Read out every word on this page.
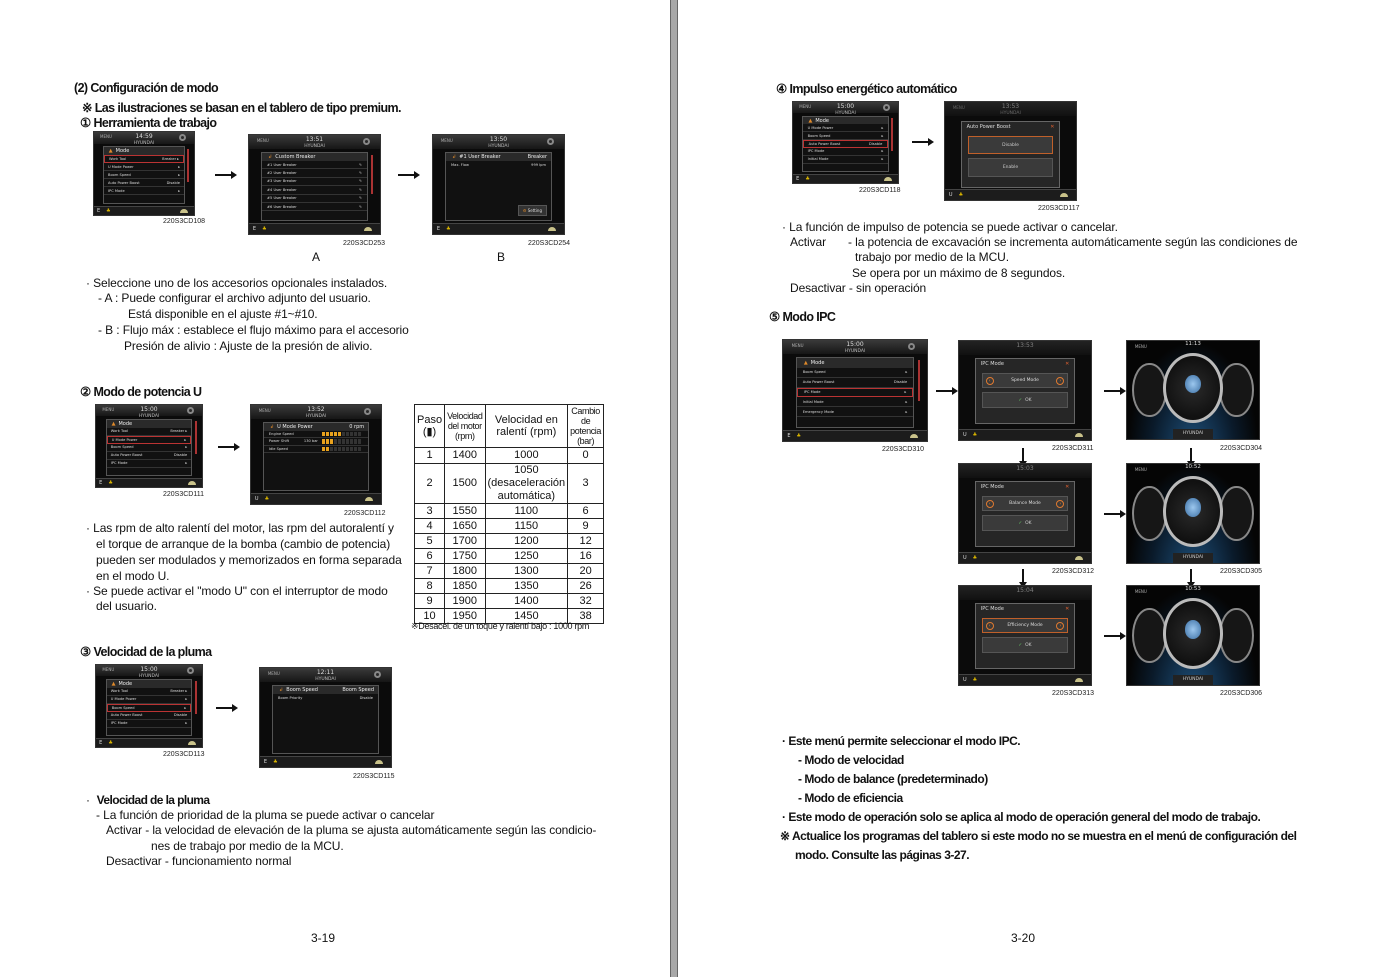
(2) Configuración de modo
※ Las ilustraciones se basan en el tablero de tipo premium.
① Herramienta de trabajo
MENU	14:59
HYUNDAI
▲ Mode
Work Tool	Breaker ▸
U Mode Power	▸
Boom Speed	▸
Auto Power Boost	Disable
IPC Mode	▸
E ♣
220S3CD108
MENU	13:51
HYUNDAI
↲ Custom Breaker
#1 User Breaker	✎
#2 User Breaker	✎
#3 User Breaker	✎
#4 User Breaker	✎
#5 User Breaker	✎
#6 User Breaker	✎
E ♣
220S3CD253
A
MENU	13:50
HYUNDAI
↲ #1 User Breaker	Breaker
Max. Flow	999 lpm
⚙ Setting
E ♣
220S3CD254
B
· Seleccione uno de los accesorios opcionales instalados.
- A : Puede configurar el archivo adjunto del usuario.
Está disponible en el ajuste #1~#10.
- B : Flujo máx : establece el flujo máximo para el accesorio
Presión de alivio : Ajuste de la presión de alivio.
② Modo de potencia U
MENU	15:00
HYUNDAI
▲ Mode
Work Tool	Breaker ▸
U Mode Power	▸
Boom Speed	▸
Auto Power Boost	Disable
IPC Mode	▸
E ♣
220S3CD111
MENU	13:52
HYUNDAI
↲ U Mode Power	0 rpm
Engine Speed
Power Shift	130 bar
Idle Speed
U ♣
220S3CD112
Paso (▮)	Velocidad del motor (rpm)	Velocidad en ralentí (rpm)	Cambio de potencia (bar)
1	1400	1000	0
2	1500	1050 (desaceleración automática)	3
3	1550	1100	6
4	1650	1150	9
5	1700	1200	12
6	1750	1250	16
7	1800	1300	20
8	1850	1350	26
9	1900	1400	32
10	1950	1450	38
※Desacel. de un toque y ralentí bajo : 1000 rpm
· Las rpm de alto ralentí del motor, las rpm del autoralentí y
el torque de arranque de la bomba (cambio de potencia)
pueden ser modulados y memorizados en forma separada
en el modo U.
· Se puede activar el "modo U" con el interruptor de modo
del usuario.
③ Velocidad de la pluma
MENU	15:00
HYUNDAI
▲ Mode
Work Tool	Breaker ▸
U Mode Power	▸
Boom Speed	▸
Auto Power Boost	Disable
IPC Mode	▸
E ♣
220S3CD113
MENU	12:11
HYUNDAI
↲ Boom Speed	Boom Speed
Boom Priority	Disable
E ♣
220S3CD115
·  Velocidad de la pluma
- La función de prioridad de la pluma se puede activar o cancelar
Activar - la velocidad de elevación de la pluma se ajusta automáticamente según las condicio-
nes de trabajo por medio de la MCU.
Desactivar - funcionamiento normal
3-19
④ Impulso energético automático
MENU	15:00
HYUNDAI
▲ Mode
U Mode Power	▸
Boom Speed	▸
Auto Power Boost	Disable
IPC Mode	▸
Initial Mode	▸
E ♣
220S3CD118
MENU	13:53
HYUNDAI
Auto Power Boost	✕
Disable
Enable
U ♣
220S3CD117
· La función de impulso de potencia se puede activar o cancelar.
Activar - la potencia de excavación se incrementa automáticamente según las condiciones de
trabajo por medio de la MCU.
Se opera por un máximo de 8 segundos.
Desactivar - sin operación
⑤ Modo IPC
MENU	15:00
HYUNDAI
▲ Mode
Boom Speed	▸
Auto Power Boost	Disable
IPC Mode	▸
Initial Mode	▸
Emergency Mode	▸
E ♣
220S3CD310
13:53
IPC Mode	✕
‹	Speed Mode	›
✓ OK
U ♣
220S3CD311
15:03
IPC Mode	✕
‹	Balance Mode	›
✓ OK
U ♣
220S3CD312
15:04
IPC Mode	✕
‹	Efficiency Mode	›
✓ OK
U ♣
220S3CD313
MENU	11:13
HYUNDAI
220S3CD304
MENU	10:52
HYUNDAI
220S3CD305
MENU	10:53
HYUNDAI
220S3CD306
· Este menú permite seleccionar el modo IPC.
- Modo de velocidad
- Modo de balance (predeterminado)
- Modo de eficiencia
· Este modo de operación solo se aplica al modo de operación general del modo de trabajo.
※ Actualice los programas del tablero si este modo no se muestra en el menú de configuración del
modo. Consulte las páginas 3-27.
3-20
